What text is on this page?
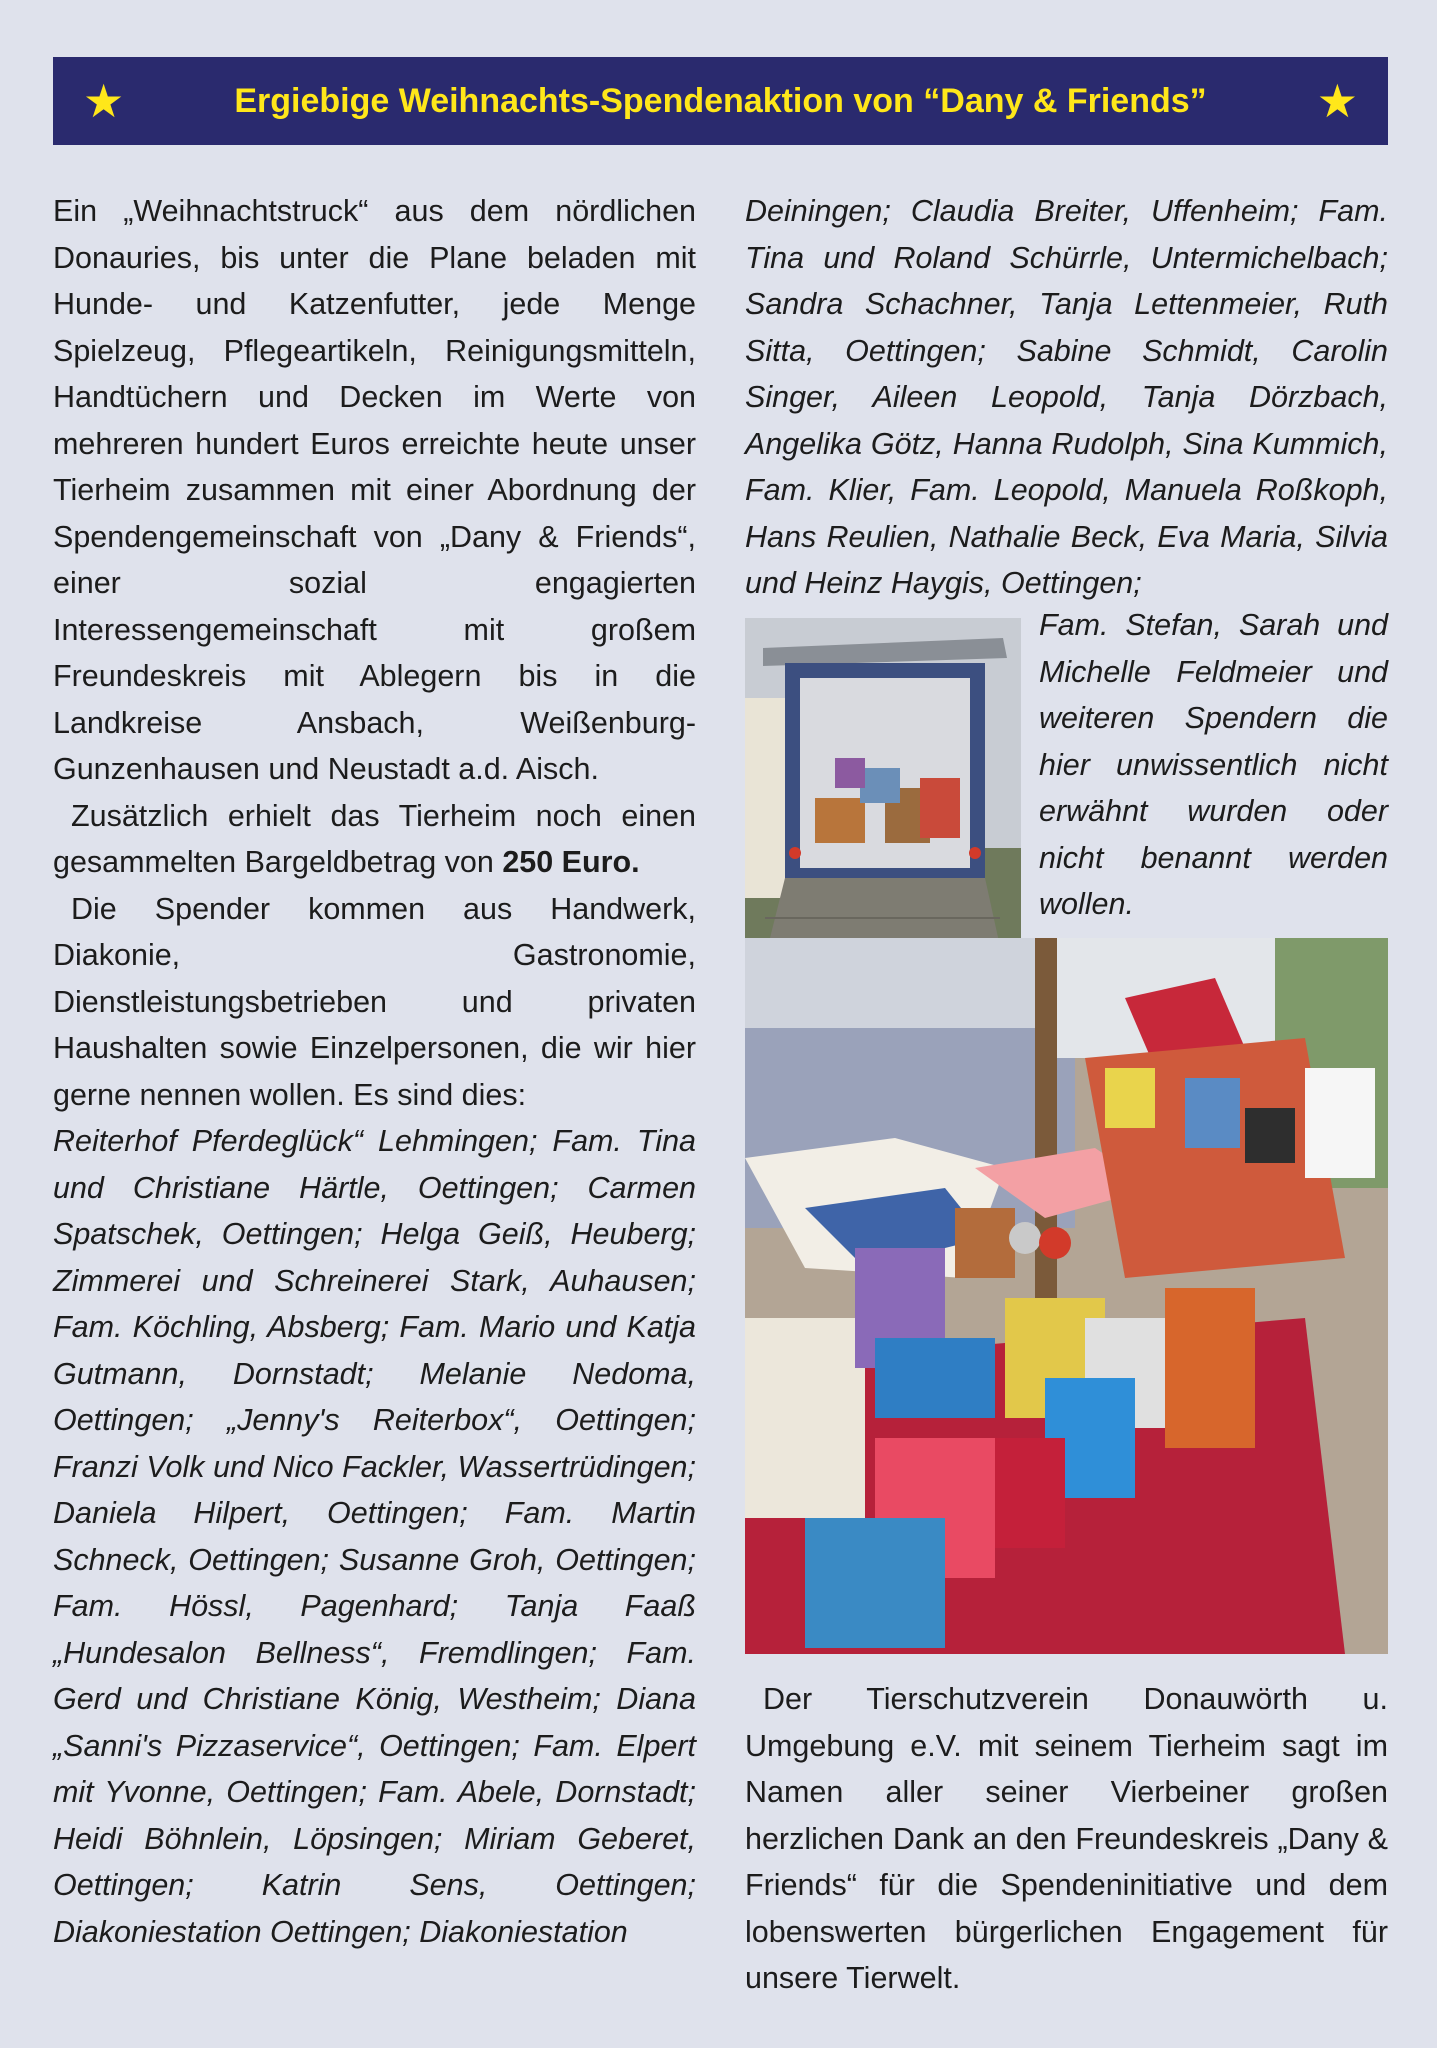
★	Ergiebige Weihnachts-Spendenaktion von “Dany & Friends” ★

Ein „Weihnachtstruck“ aus dem nördlichen Donauries, bis unter die Plane beladen mit Hunde- und Katzenfutter, jede Menge Spielzeug, Pflegeartikeln, Reinigungsmitteln, Handtüchern und Decken im Werte von mehreren hundert Euros erreichte heute unser Tierheim zusammen mit einer Abordnung der Spendengemeinschaft von „Dany & Friends“, einer sozial engagierten Interessengemeinschaft mit großem Freundeskreis mit Ablegern bis in die Landkreise Ansbach, Weißenburg-Gunzenhausen und Neustadt a.d. Aisch.

Zusätzlich erhielt das Tierheim noch einen gesammelten Bargeldbetrag von 250 Euro.

Die Spender kommen aus Handwerk, Diakonie, Gastronomie, Dienstleistungsbetrieben und privaten Haushalten sowie Einzelpersonen, die wir hier gerne nennen wollen. Es sind dies:

Reiterhof Pferdeglück“ Lehmingen; Fam. Tina und Christiane Härtle, Oettingen; Carmen Spatschek, Oettingen; Helga Geiß, Heuberg; Zimmerei und Schreinerei Stark, Auhausen; Fam. Köchling, Absberg; Fam. Mario und Katja Gutmann, Dornstadt; Melanie Nedoma, Oettingen; „Jenny's Reiterbox“, Oettingen; Franzi Volk und Nico Fackler, Wassertrüdingen; Daniela Hilpert, Oettingen; Fam. Martin Schneck, Oettingen; Susanne Groh, Oettingen; Fam. Hössl, Pagenhard; Tanja Faaß „Hundesalon Bellness“, Fremdlingen; Fam. Gerd und Christiane König, Westheim; Diana „Sanni's Pizzaservice“, Oettingen; Fam. Elpert mit Yvonne, Oettingen; Fam. Abele, Dornstadt; Heidi Böhnlein, Löpsingen; Miriam Geberet, Oettingen; Katrin Sens, Oettingen; Diakoniestation Oettingen; Diakoniestation

Deiningen; Claudia Breiter, Uffenheim; Fam. Tina und Roland Schürrle, Untermichelbach; Sandra Schachner, Tanja Lettenmeier, Ruth Sitta, Oettingen; Sabine Schmidt, Carolin Singer, Aileen Leopold, Tanja Dörzbach, Angelika Götz, Hanna Rudolph, Sina Kummich, Fam. Klier, Fam. Leopold, Manuela Roßkoph, Hans Reulien, Nathalie Beck, Eva Maria, Silvia und Heinz Haygis, Oettingen;

Fam. Stefan, Sarah und Michelle Feldmeier und weiteren Spendern die hier unwissentlich nicht erwähnt wurden oder nicht benannt werden wollen.

Der Tierschutzverein Donauwörth u. Umgebung e.V. mit seinem Tierheim sagt im Namen aller seiner Vierbeiner großen herzlichen Dank an den Freundeskreis „Dany & Friends“ für die Spendeninitiative und dem lobenswerten bürgerlichen Engagement für unsere Tierwelt.
